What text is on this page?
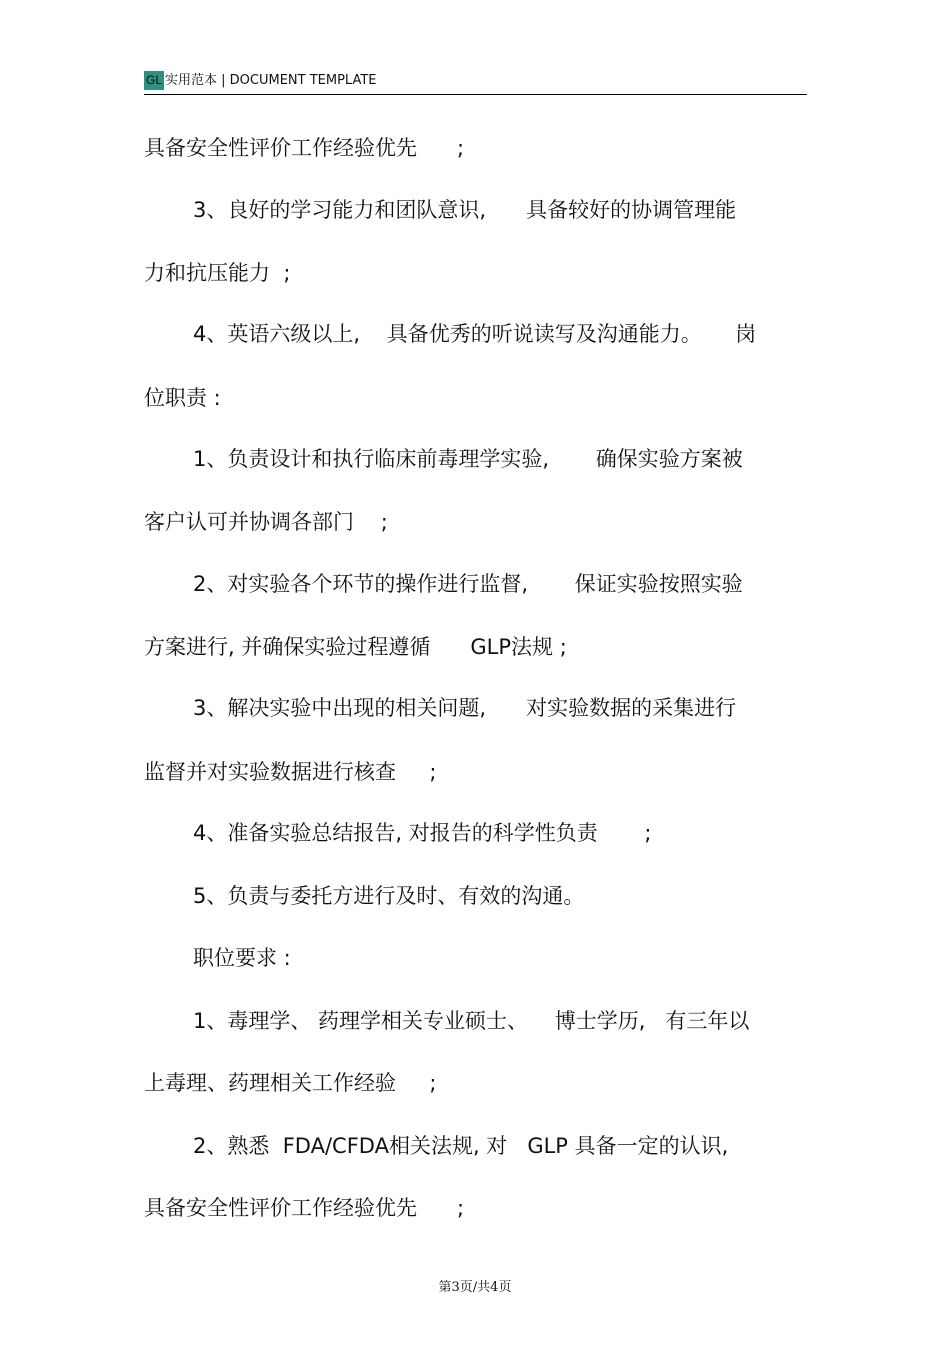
GL 实用范本 | DOCUMENT TEMPLATE
具备安全性评价工作经验优先      ;
3、良好的学习能力和团队意识,      具备较好的协调管理能
力和抗压能力  ;
4、英语六级以上,    具备优秀的听说读写及沟通能力。     岗
位职责 :
1、负责设计和执行临床前毒理学实验,       确保实验方案被
客户认可并协调各部门    ;
2、对实验各个环节的操作进行监督,       保证实验按照实验
方案进行, 并确保实验过程遵循      GLP法规 ;
3、解决实验中出现的相关问题,      对实验数据的采集进行
监督并对实验数据进行核查     ;
4、准备实验总结报告, 对报告的科学性负责       ;
5、负责与委托方进行及时、有效的沟通。
职位要求 :
1、毒理学、 药理学相关专业硕士、    博士学历,   有三年以
上毒理、药理相关工作经验     ;
2、熟悉  FDA/CFDA相关法规, 对   GLP 具备一定的认识,
具备安全性评价工作经验优先      ;
第3页/共4页
